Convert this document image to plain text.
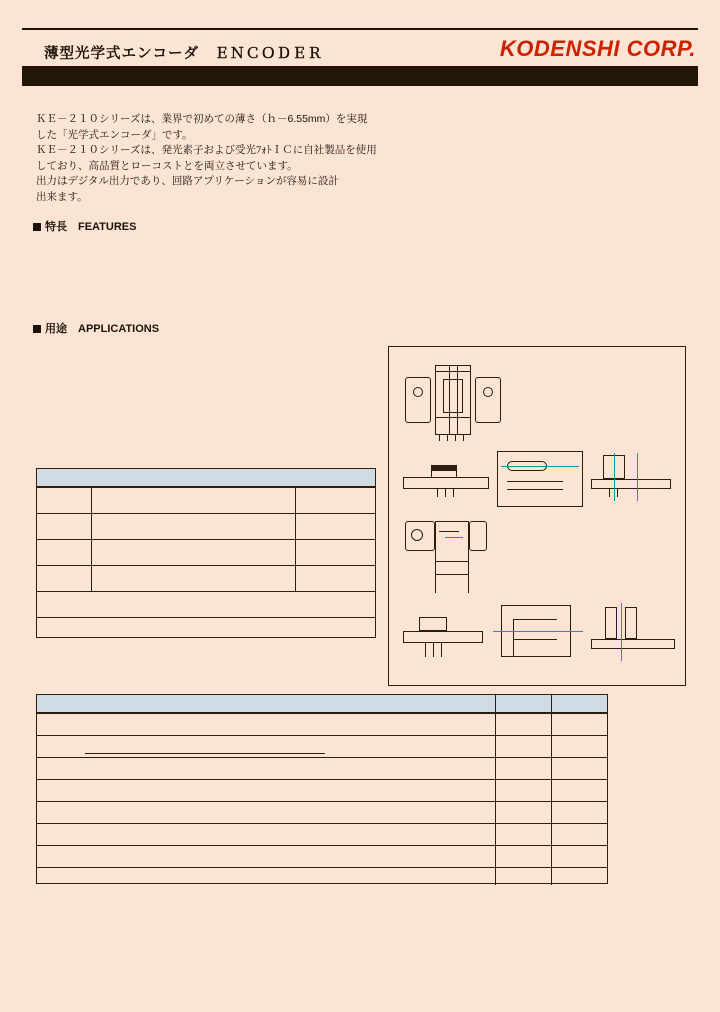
薄型光学式エンコーダ　ＥＮＣＯＤＥＲ	KODENSHI CORP.
ＫＥ－２１０シリーズは、業界で初めての薄さ（ｈ－6.55mm）を実現
した「光学式エンコーダ」です。
ＫＥ－２１０シリーズは、発光素子および受光ﾌｫﾄＩＣに自社製品を使用
しており、高品質とローコストとを両立させています。
出力はデジタル出力であり、回路アプリケーションが容易に設計
出来ます。
特長　FEATURES
用途　APPLICATIONS
